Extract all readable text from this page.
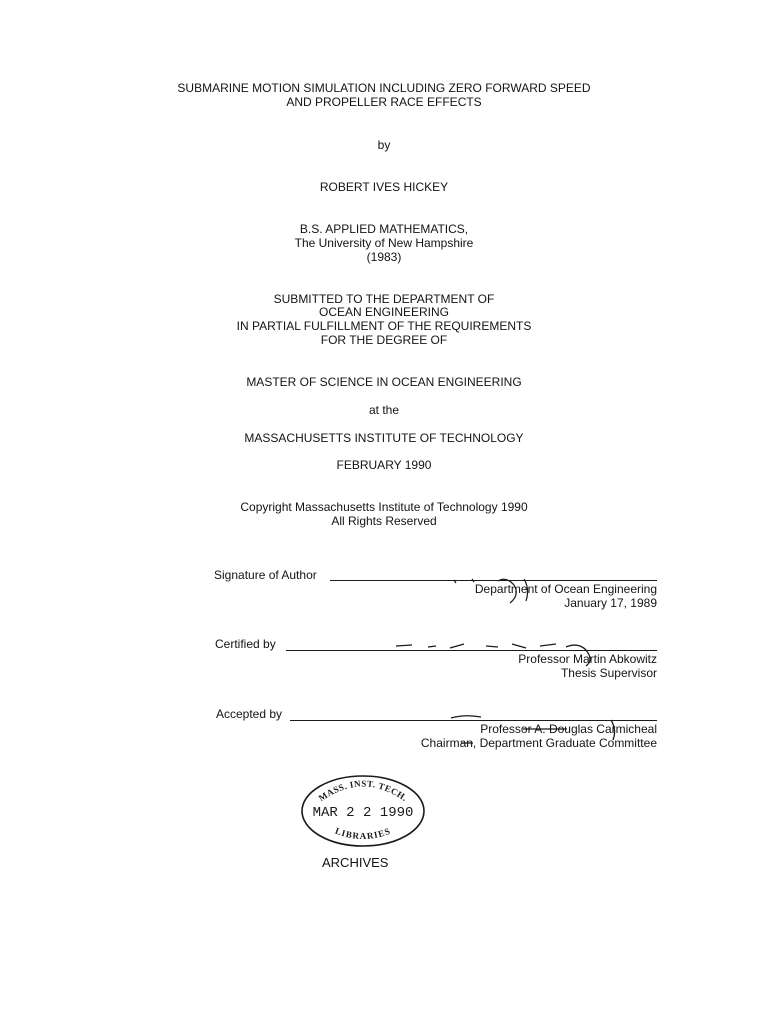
SUBMARINE MOTION SIMULATION INCLUDING ZERO FORWARD SPEED
AND PROPELLER RACE EFFECTS
by
ROBERT IVES HICKEY
B.S. APPLIED MATHEMATICS,
The University of New Hampshire
(1983)
SUBMITTED TO THE DEPARTMENT OF
OCEAN ENGINEERING
IN PARTIAL FULFILLMENT OF THE REQUIREMENTS
FOR THE DEGREE OF
MASTER OF SCIENCE IN OCEAN ENGINEERING
at the
MASSACHUSETTS INSTITUTE OF TECHNOLOGY
FEBRUARY 1990
Copyright Massachusetts Institute of Technology 1990
All Rights Reserved
Signature of Author
Department of Ocean Engineering
January 17, 1989
Certified by
Professor Martin Abkowitz
Thesis Supervisor
Accepted by
Professor A. Douglas Carmicheal
Chairman, Department Graduate Committee
MASS. INST. TECH.
MAR 2 2 1990
LIBRARIES
ARCHIVES
